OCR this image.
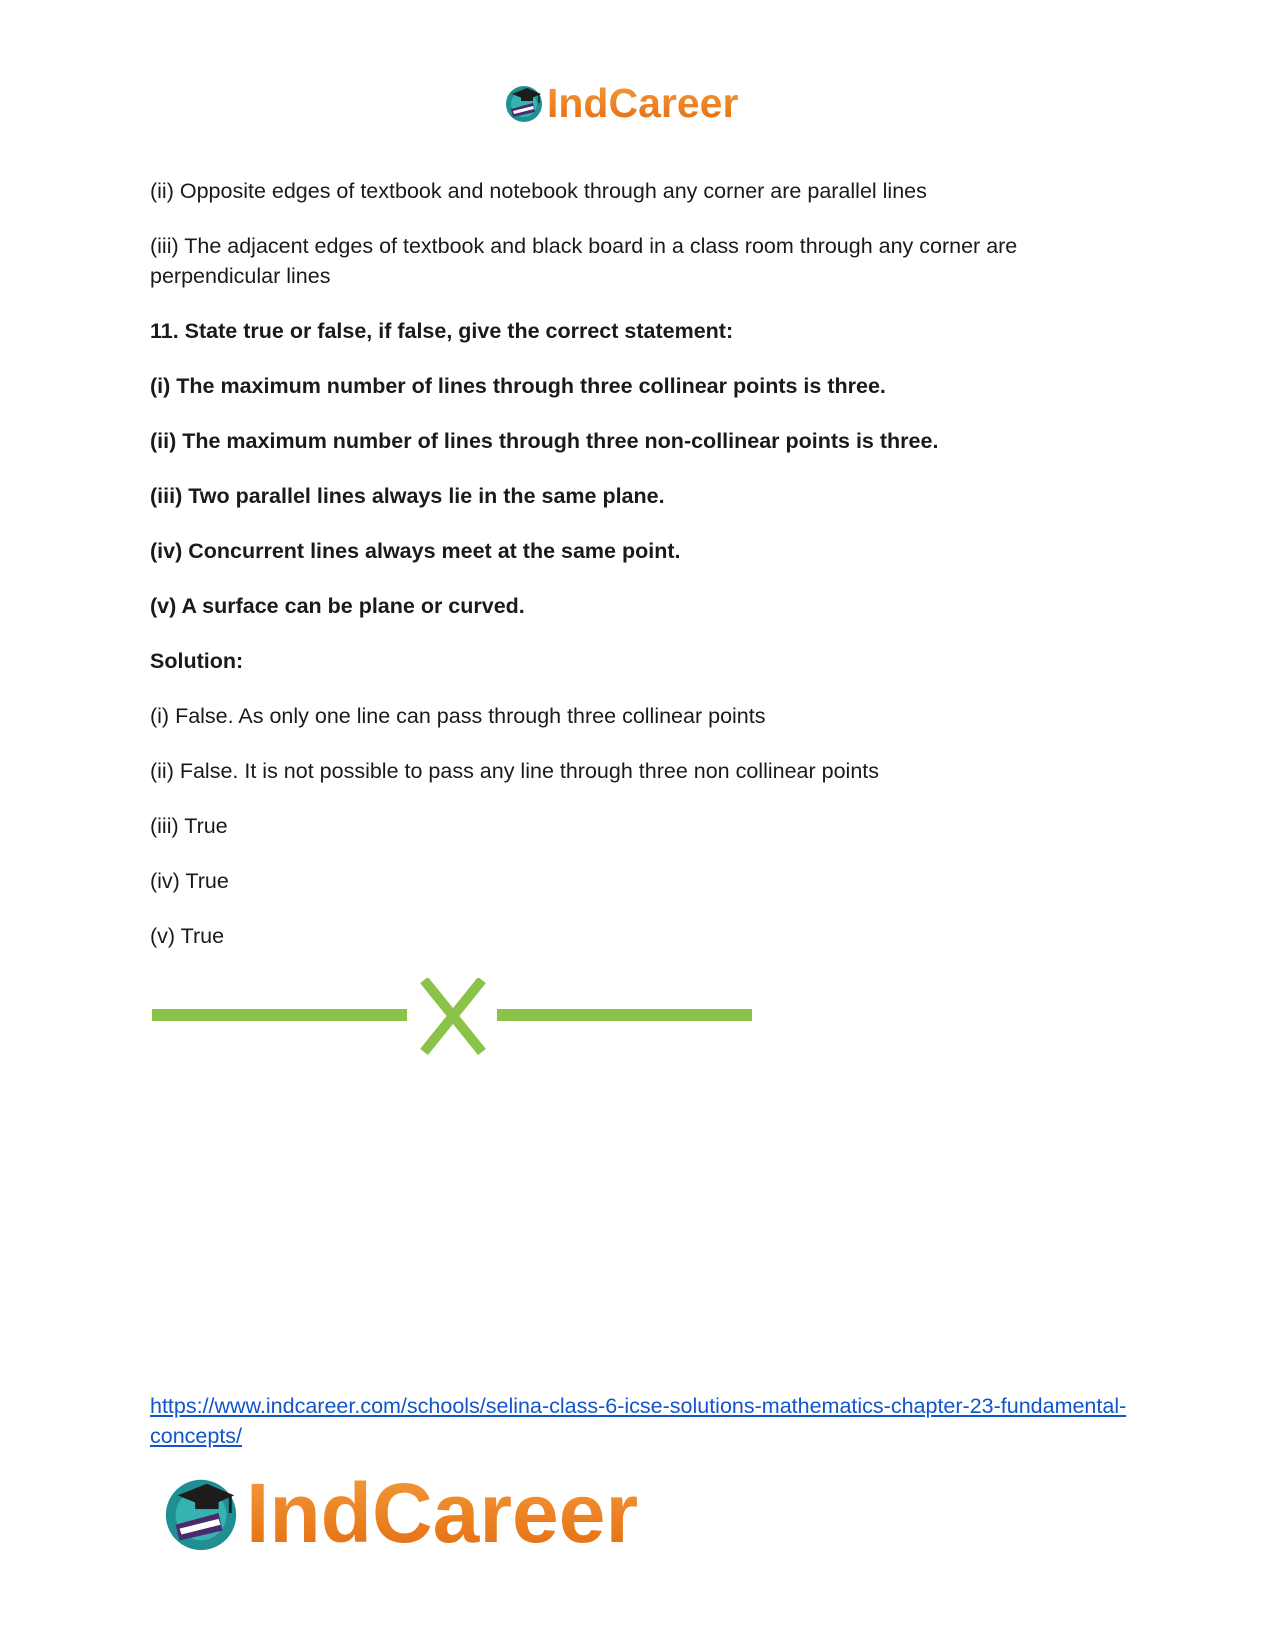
IndCareer

(ii) Opposite edges of textbook and notebook through any corner are parallel lines

(iii) The adjacent edges of textbook and black board in a class room through any corner are perpendicular lines

11. State true or false, if false, give the correct statement:

(i) The maximum number of lines through three collinear points is three.

(ii) The maximum number of lines through three non-collinear points is three.

(iii) Two parallel lines always lie in the same plane.

(iv) Concurrent lines always meet at the same point.

(v) A surface can be plane or curved.

Solution:

(i) False. As only one line can pass through three collinear points

(ii) False. It is not possible to pass any line through three non collinear points

(iii) True

(iv) True

(v) True

https://www.indcareer.com/schools/selina-class-6-icse-solutions-mathematics-chapter-23-fundamental-concepts/
IndCareer
